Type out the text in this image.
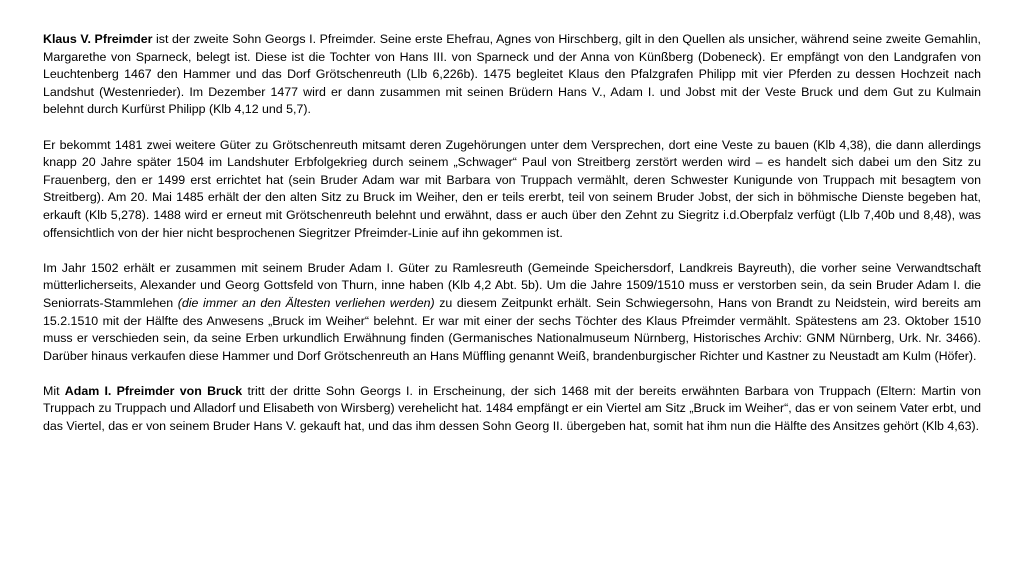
Klaus V. Pfreimder ist der zweite Sohn Georgs I. Pfreimder. Seine erste Ehefrau, Agnes von Hirschberg, gilt in den Quellen als unsicher, während seine zweite Gemahlin, Margarethe von Sparneck, belegt ist. Diese ist die Tochter von Hans III. von Sparneck und der Anna von Künßberg (Dobeneck). Er empfängt von den Landgrafen von Leuchtenberg 1467 den Hammer und das Dorf Grötschenreuth (Llb 6,226b). 1475 begleitet Klaus den Pfalzgrafen Philipp mit vier Pferden zu dessen Hochzeit nach Landshut (Westenrieder). Im Dezember 1477 wird er dann zusammen mit seinen Brüdern Hans V., Adam I. und Jobst mit der Veste Bruck und dem Gut zu Kulmain belehnt durch Kurfürst Philipp (Klb 4,12 und 5,7).

Er bekommt 1481 zwei weitere Güter zu Grötschenreuth mitsamt deren Zugehörungen unter dem Versprechen, dort eine Veste zu bauen (Klb 4,38), die dann allerdings knapp 20 Jahre später 1504 im Landshuter Erbfolgekrieg durch seinem „Schwager“ Paul von Streitberg zerstört werden wird – es handelt sich dabei um den Sitz zu Frauenberg, den er 1499 erst errichtet hat (sein Bruder Adam war mit Barbara von Truppach vermählt, deren Schwester Kunigunde von Truppach mit besagtem von Streitberg). Am 20. Mai 1485 erhält der den alten Sitz zu Bruck im Weiher, den er teils ererbt, teil von seinem Bruder Jobst, der sich in böhmische Dienste begeben hat, erkauft (Klb 5,278). 1488 wird er erneut mit Grötschenreuth belehnt und erwähnt, dass er auch über den Zehnt zu Siegritz i.d.Oberpfalz verfügt (Llb 7,40b und 8,48), was offensichtlich von der hier nicht besprochenen Siegritzer Pfreimder-Linie auf ihn gekommen ist.

Im Jahr 1502 erhält er zusammen mit seinem Bruder Adam I. Güter zu Ramlesreuth (Gemeinde Speichersdorf, Landkreis Bayreuth), die vorher seine Verwandtschaft mütterlicherseits, Alexander und Georg Gottsfeld von Thurn, inne haben (Klb 4,2 Abt. 5b). Um die Jahre 1509/1510 muss er verstorben sein, da sein Bruder Adam I. die Seniorrats-Stammlehen (die immer an den Ältesten verliehen werden) zu diesem Zeitpunkt erhält. Sein Schwiegersohn, Hans von Brandt zu Neidstein, wird bereits am 15.2.1510 mit der Hälfte des Anwesens „Bruck im Weiher“ belehnt. Er war mit einer der sechs Töchter des Klaus Pfreimder vermählt. Spätestens am 23. Oktober 1510 muss er verschieden sein, da seine Erben urkundlich Erwähnung finden (Germanisches Nationalmuseum Nürnberg, Historisches Archiv: GNM Nürnberg, Urk. Nr. 3466). Darüber hinaus verkaufen diese Hammer und Dorf Grötschenreuth an Hans Müffling genannt Weiß, brandenburgischer Richter und Kastner zu Neustadt am Kulm (Höfer).

Mit Adam I. Pfreimder von Bruck tritt der dritte Sohn Georgs I. in Erscheinung, der sich 1468 mit der bereits erwähnten Barbara von Truppach (Eltern: Martin von Truppach zu Truppach und Alladorf und Elisabeth von Wirsberg) verehelicht hat. 1484 empfängt er ein Viertel am Sitz „Bruck im Weiher“, das er von seinem Vater erbt, und das Viertel, das er von seinem Bruder Hans V. gekauft hat, und das ihm dessen Sohn Georg II. übergeben hat, somit hat ihm nun die Hälfte des Ansitzes gehört (Klb 4,63).
